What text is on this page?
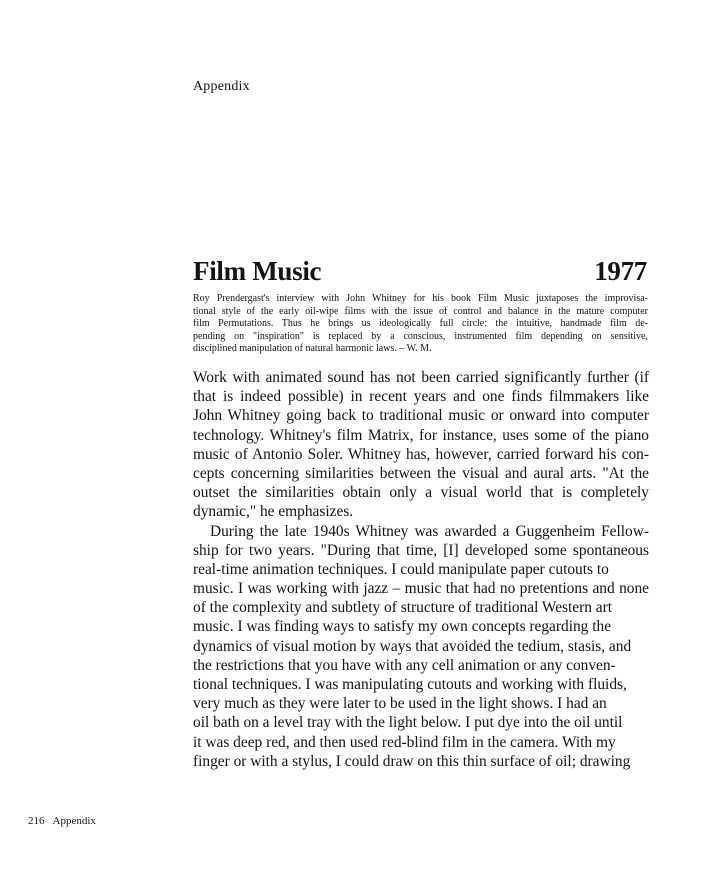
Appendix
Film Music	1977
Roy Prendergast's interview with John Whitney for his book Film Music juxtaposes the improvisa-
tional style of the early oil-wipe films with the issue of control and balance in the mature computer
film Permutations. Thus he brings us ideologically full circle: the intuitive, handmade film de-
pending on "inspiration" is replaced by a conscious, instrumented film depending on sensitive,
disciplined manipulation of natural harmonic laws. – W. M.
Work with animated sound has not been carried significantly further (if
that is indeed possible) in recent years and one finds filmmakers like
John Whitney going back to traditional music or onward into computer
technology. Whitney's film Matrix, for instance, uses some of the piano
music of Antonio Soler. Whitney has, however, carried forward his con-
cepts concerning similarities between the visual and aural arts. "At the
outset the similarities obtain only a visual world that is completely
dynamic," he emphasizes.
During the late 1940s Whitney was awarded a Guggenheim Fellow-
ship for two years. "During that time, [I] developed some spontaneous
real-time animation techniques. I could manipulate paper cutouts to
music. I was working with jazz – music that had no pretentions and none
of the complexity and subtlety of structure of traditional Western art
music. I was finding ways to satisfy my own concepts regarding the
dynamics of visual motion by ways that avoided the tedium, stasis, and
the restrictions that you have with any cell animation or any conven-
tional techniques. I was manipulating cutouts and working with fluids,
very much as they were later to be used in the light shows. I had an
oil bath on a level tray with the light below. I put dye into the oil until
it was deep red, and then used red-blind film in the camera. With my
finger or with a stylus, I could draw on this thin surface of oil; drawing
216 Appendix
